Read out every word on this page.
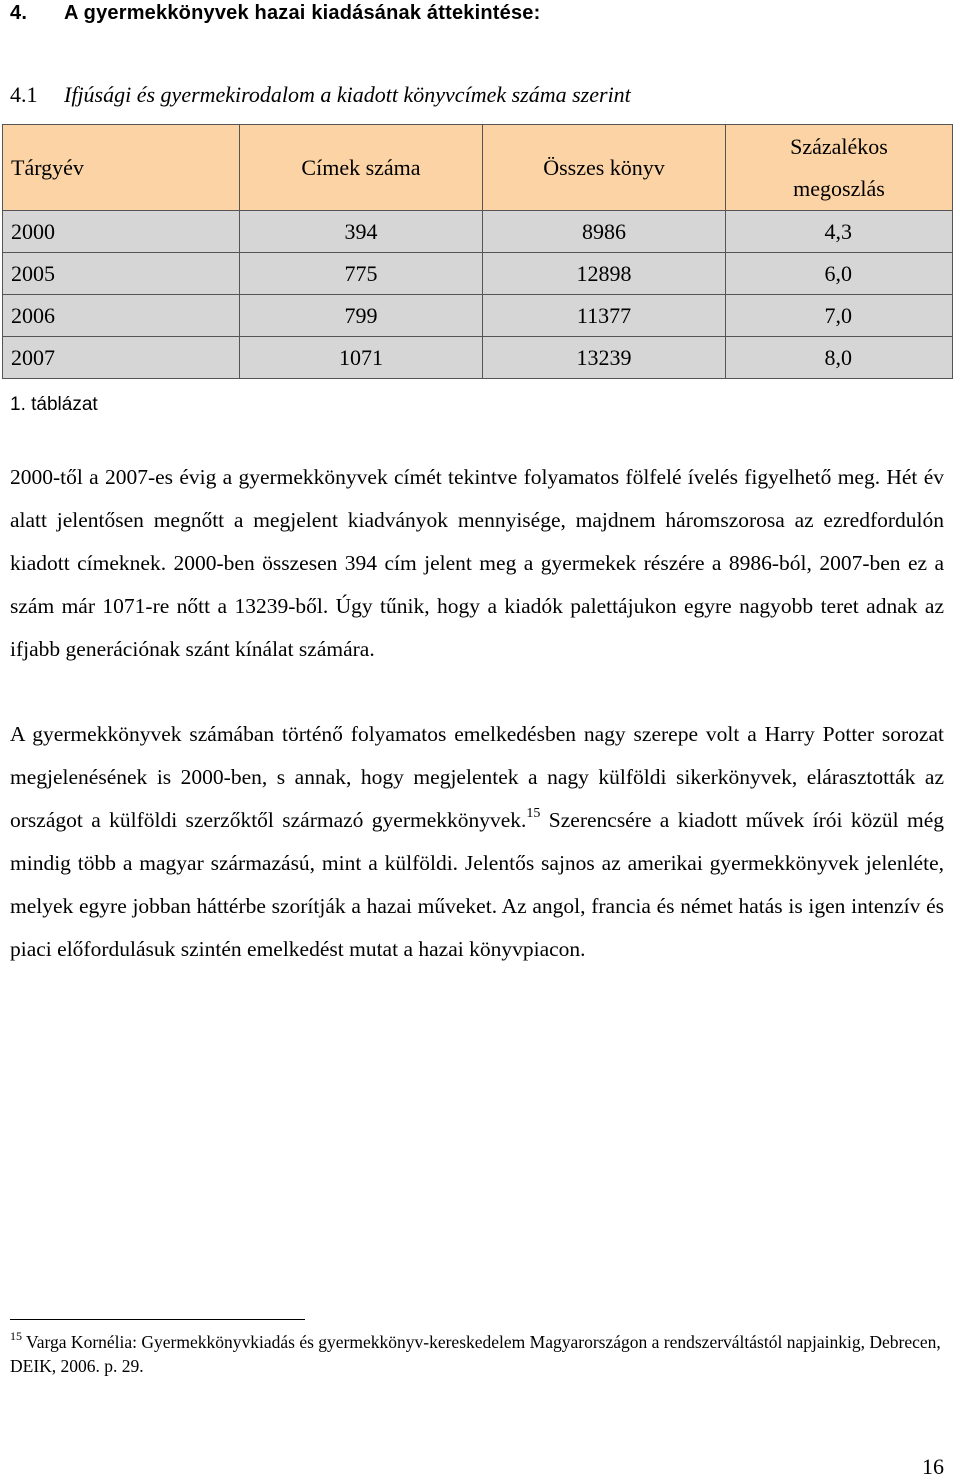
4. A gyermekkönyvek hazai kiadásának áttekintése:
4.1 Ifjúsági és gyermekirodalom a kiadott könyvcímek száma szerint
Tárgyév	Címek száma	Összes könyv	Százalékos
megoszlás

2000	394	8986	4,3
2005	775	12898	6,0
2006	799	11377	7,0
2007	1071	13239	8,0
1. táblázat

2000-től a 2007-es évig a gyermekkönyvek címét tekintve folyamatos fölfelé ívelés figyelhető meg. Hét év alatt jelentősen megnőtt a megjelent kiadványok mennyisége, majdnem háromszorosa az ezredfordulón kiadott címeknek. 2000-ben összesen 394 cím jelent meg a gyermekek részére a 8986-ból, 2007-ben ez a szám már 1071-re nőtt a 13239-ből. Úgy tűnik, hogy a kiadók palettájukon egyre nagyobb teret adnak az ifjabb generációnak szánt kínálat számára.

A gyermekkönyvek számában történő folyamatos emelkedésben nagy szerepe volt a Harry Potter sorozat megjelenésének is 2000-ben, s annak, hogy megjelentek a nagy külföldi sikerkönyvek, elárasztották az országot a külföldi szerzőktől származó gyermekkönyvek.$^{15}$ Szerencsére a kiadott művek írói közül még mindig több a magyar származású, mint a külföldi. Jelentős sajnos az amerikai gyermekkönyvek jelenléte, melyek egyre jobban háttérbe szorítják a hazai műveket. Az angol, francia és német hatás is igen intenzív és piaci előfordulásuk szintén emelkedést mutat a hazai könyvpiacon.

$^{15}$ Varga Kornélia: Gyermekkönyvkiadás és gyermekkönyv-kereskedelem Magyarországon a rendszerváltástól napjainkig, Debrecen, DEIK, 2006. p. 29.

16
